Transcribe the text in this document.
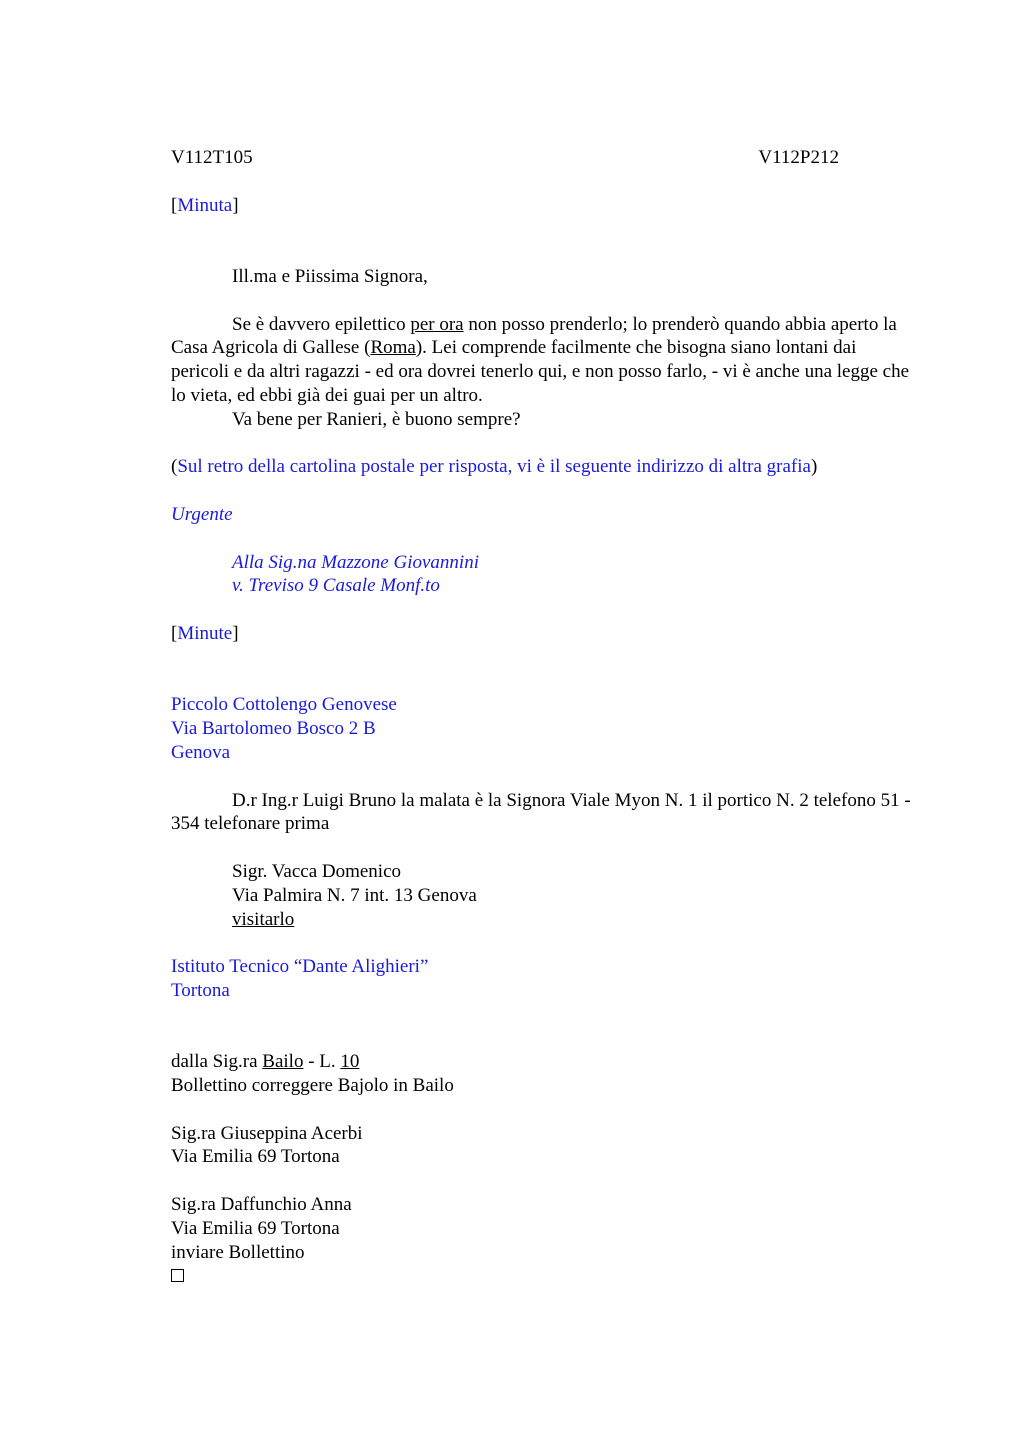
V112T105	V112P212
[Minuta]
Ill.ma e Piissima Signora,
Se è davvero epilettico per ora non posso prenderlo; lo prenderò quando abbia aperto la Casa Agricola di Gallese (Roma). Lei comprende facilmente che bisogna siano lontani dai pericoli e da altri ragazzi - ed ora dovrei tenerlo qui, e non posso farlo, - vi è anche una legge che lo vieta, ed ebbi già dei guai per un altro.
Va bene per Ranieri, è buono sempre?
(Sul retro della cartolina postale per risposta, vi è il seguente indirizzo di altra grafia)
Urgente
Alla Sig.na Mazzone Giovannini
v. Treviso 9 Casale Monf.to
[Minute]
Piccolo Cottolengo Genovese
Via Bartolomeo Bosco 2 B
Genova
D.r Ing.r Luigi Bruno la malata è la Signora Viale Myon N. 1 il portico N. 2 telefono 51 - 354 telefonare prima
Sigr. Vacca Domenico
Via Palmira N. 7 int. 13 Genova
visitarlo
Istituto Tecnico “Dante Alighieri”
Tortona
dalla Sig.ra Bailo - L. 10
Bollettino correggere Bajolo in Bailo
Sig.ra Giuseppina Acerbi
Via Emilia 69 Tortona
Sig.ra Daffunchio Anna
Via Emilia 69 Tortona
inviare Bollettino
